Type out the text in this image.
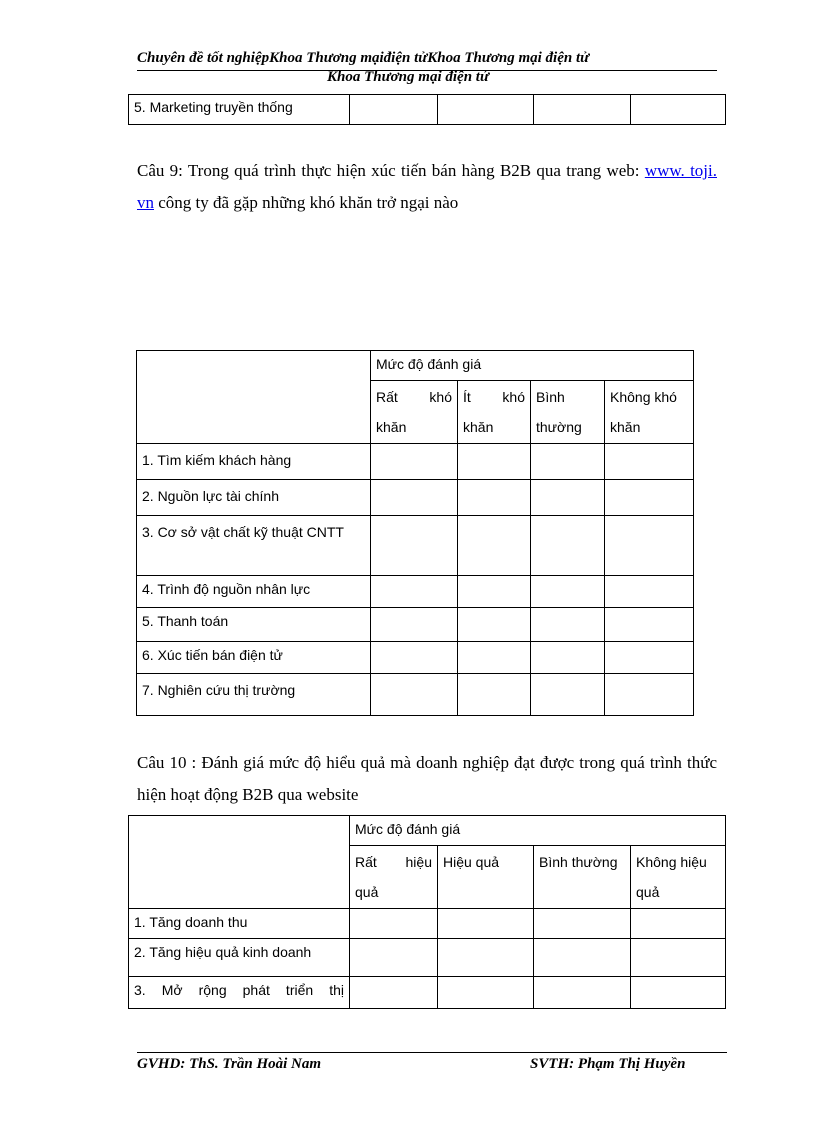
Chuyên đề tốt nghiệpKhoa Thương mạiđiện tửKhoa Thương mại điện tử
Khoa Thương mại điện tử
5. Marketing truyền thống				
Câu 9: Trong quá trình thực hiện xúc tiến bán hàng B2B qua trang web: www. toji. vn công ty đã gặp những khó khăn trở ngại nào
	Mức độ đánh giá			

	Rất khó khăn	Ít khó khăn	Bình thường	Không khó khăn
1. Tìm kiếm khách hàng				
2. Nguồn lực tài chính				

3. Cơ sở vật chất kỹ thuật CNTT				

4. Trình độ nguồn nhân lực				
5. Thanh toán				
6. Xúc tiến bán điện tử				
7. Nghiên cứu thị trường				
Câu 10 : Đánh giá mức độ hiểu quả mà doanh nghiệp đạt được trong quá trình thức hiện hoạt động B2B qua website
	Mức độ đánh giá			

	Rất hiệu quả	Hiệu quả	Bình thường	Không hiệu quả
1. Tăng doanh thu				
2. Tăng hiệu quả kinh doanh				

3. Mở rộng phát triển thị				

GVHD: ThS. Trần Hoài Nam	SVTH: Phạm Thị Huyền
